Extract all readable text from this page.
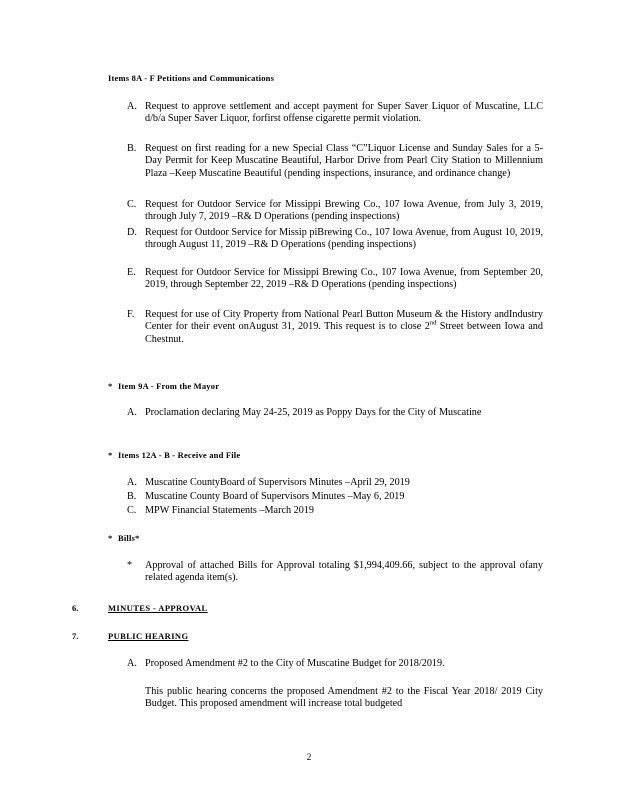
Items 8A - F Petitions and Communications
A. Request to approve settlement and accept payment for Super Saver Liquor of Muscatine, LLC d/b/a Super Saver Liquor, forfirst offense cigarette permit violation.
B. Request on first reading for a new Special Class “C”Liquor License and Sunday Sales for a 5-Day Permit for Keep Muscatine Beautiful, Harbor Drive from Pearl City Station to Millennium Plaza –Keep Muscatine Beautiful (pending inspections, insurance, and ordinance change)
C. Request for Outdoor Service for Missippi Brewing Co., 107 Iowa Avenue, from July 3, 2019, through July 7, 2019 –R& D Operations (pending inspections)
D. Request for Outdoor Service for Missip piBrewing Co., 107 Iowa Avenue, from August 10, 2019, through August 11, 2019 –R& D Operations (pending inspections)
E. Request for Outdoor Service for Missippi Brewing Co., 107 Iowa Avenue, from September 20, 2019, through September 22, 2019 –R& D Operations (pending inspections)
F. Request for use of City Property from National Pearl Button Museum & the History andIndustry Center for their event onAugust 31, 2019. This request is to close 2nd Street between Iowa and Chestnut.
* Item 9A - From the Mayor
A. Proclamation declaring May 24-25, 2019 as Poppy Days for the City of Muscatine
* Items 12A - B - Receive and File
A. Muscatine CountyBoard of Supervisors Minutes –April 29, 2019
B. Muscatine County Board of Supervisors Minutes –May 6, 2019
C. MPW Financial Statements –March 2019
* Bills*
* Approval of attached Bills for Approval totaling $1,994,409.66, subject to the approval ofany related agenda item(s).
6.	MINUTES - APPROVAL
7.	PUBLIC HEARING
A. Proposed Amendment #2 to the City of Muscatine Budget for 2018/2019.
This public hearing concerns the proposed Amendment #2 to the Fiscal Year 2018/ 2019 City Budget. This proposed amendment will increase total budgeted
2
